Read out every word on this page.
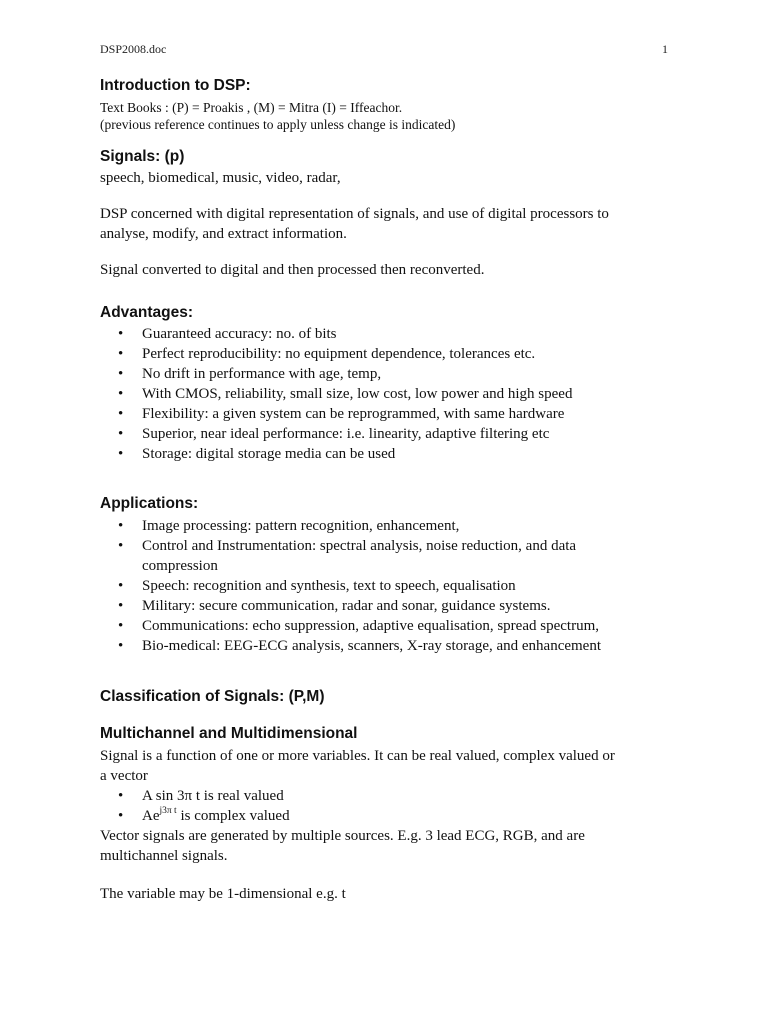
DSP2008.doc	1
Introduction to DSP:

Text Books : (P) = Proakis , (M) = Mitra (I) = Iffeachor.

(previous reference continues to apply unless change is indicated)

Signals: (p)

speech, biomedical, music, video, radar,

DSP concerned with digital representation of signals, and use of digital processors to

analyse, modify, and extract information.

Signal converted to digital and then processed then reconverted.

Advantages:
• Guaranteed accuracy: no. of bits
• Perfect reproducibility: no equipment dependence, tolerances etc.
• No drift in performance with age, temp,
• With CMOS, reliability, small size, low cost, low power and high speed
• Flexibility: a given system can be reprogrammed, with same hardware
• Superior, near ideal performance: i.e. linearity, adaptive filtering etc
• Storage: digital storage media can be used
Applications:
• Image processing: pattern recognition, enhancement,
• Control and Instrumentation: spectral analysis, noise reduction, and data compression
• Speech: recognition and synthesis, text to speech, equalisation
• Military: secure communication, radar and sonar, guidance systems.
• Communications: echo suppression, adaptive equalisation, spread spectrum,
• Bio-medical: EEG-ECG analysis, scanners, X-ray storage, and enhancement
Classification of Signals: (P,M)
Multichannel and Multidimensional

Signal is a function of one or more variables. It can be real valued, complex valued or

a vector

• A sin 3π t is real valued
• $Ae^{j3\pi t}$ is complex valued

Vector signals are generated by multiple sources. E.g. 3 lead ECG, RGB, and are

multichannel signals.

The variable may be 1-dimensional e.g. t
